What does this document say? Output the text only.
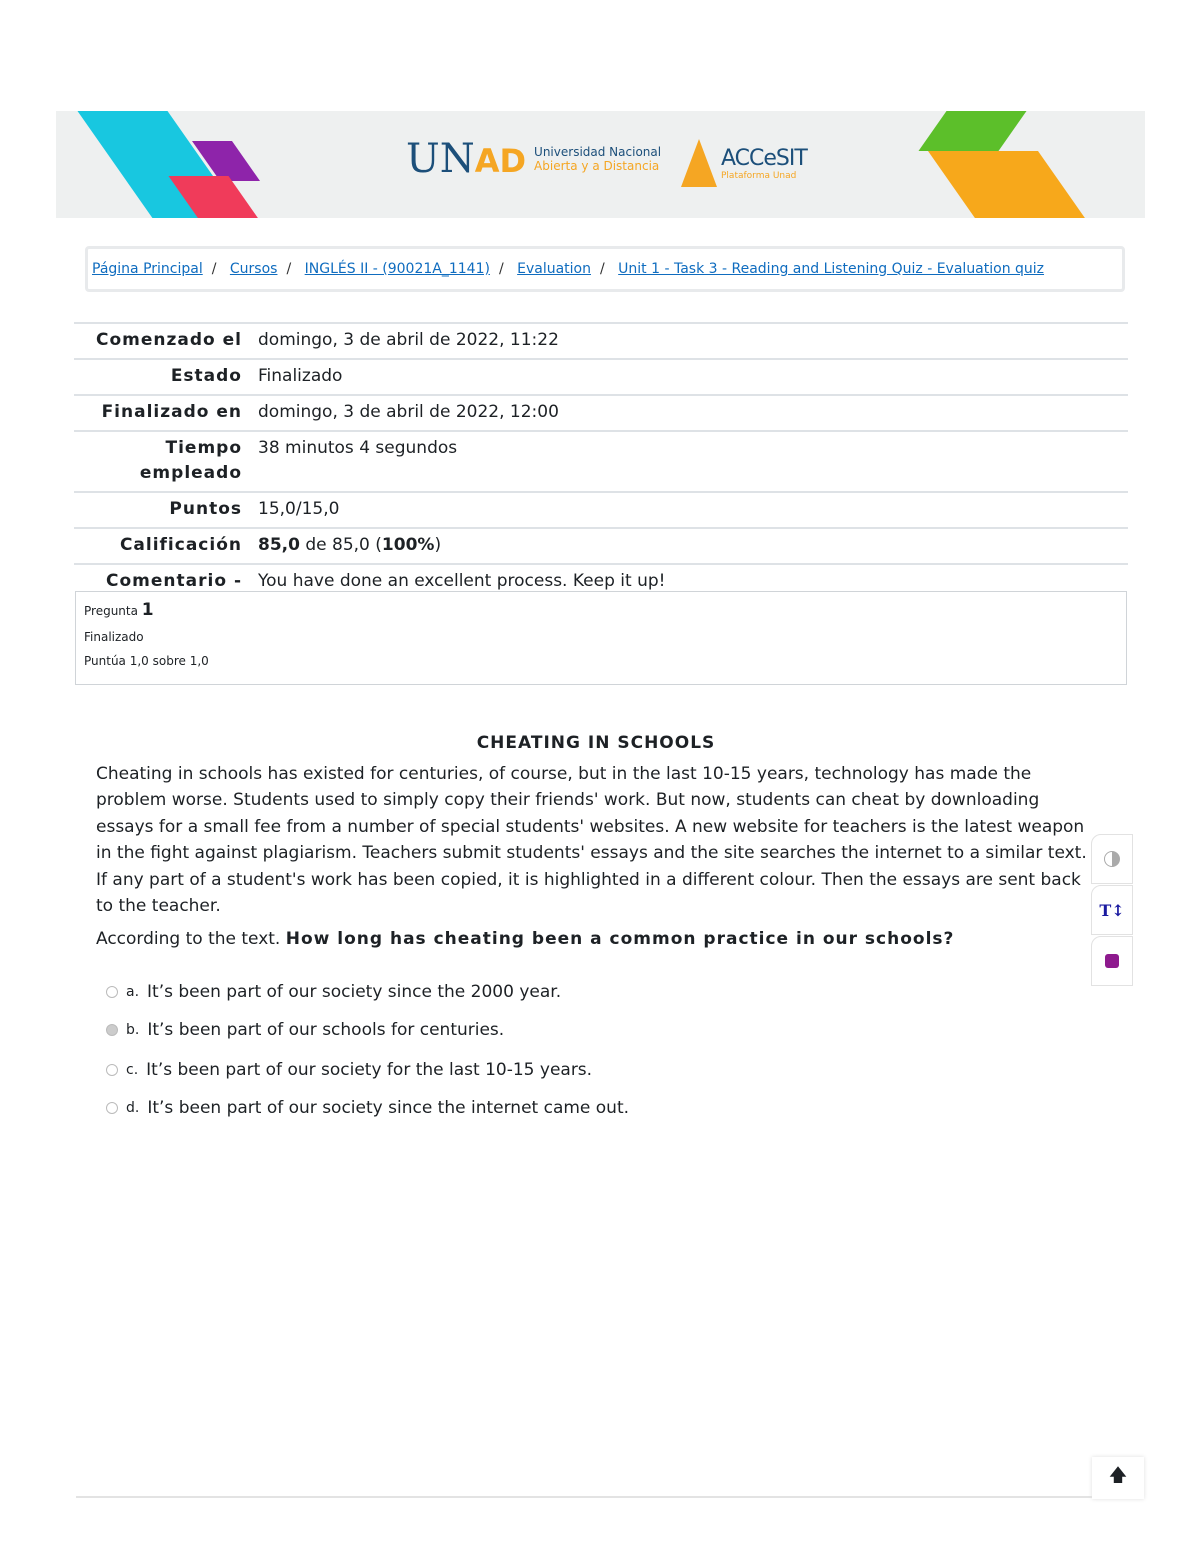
UNAD Universidad Nacional
Abierta y a Distancia	ACCeSIT
Plataforma Unad
Página Principal / Cursos / INGLÉS II - (90021A_1141) / Evaluation / Unit 1 - Task 3 - Reading and Listening Quiz - Evaluation quiz
Comenzado el	domingo, 3 de abril de 2022, 11:22
Estado	Finalizado
Finalizado en	domingo, 3 de abril de 2022, 12:00
Tiempo empleado	38 minutos 4 segundos
Puntos	15,0/15,0
Calificación	85,0 de 85,0 (100%)
Comentario -	You have done an excellent process. Keep it up!
Pregunta 1
Finalizado
Puntúa 1,0 sobre 1,0
CHEATING IN SCHOOLS
Cheating in schools has existed for centuries, of course, but in the last 10-15 years, technology has made the problem worse. Students used to simply copy their friends' work. But now, students can cheat by downloading essays for a small fee from a number of special students' websites. A new website for teachers is the latest weapon in the fight against plagiarism. Teachers submit students' essays and the site searches the internet to a similar text. If any part of a student's work has been copied, it is highlighted in a different colour. Then the essays are sent back to the teacher.
According to the text. How long has cheating been a common practice in our schools?
a. It’s been part of our society since the 2000 year.
b. It’s been part of our schools for centuries.
c. It’s been part of our society for the last 10-15 years.
d. It’s been part of our society since the internet came out.
T↕
🡅
